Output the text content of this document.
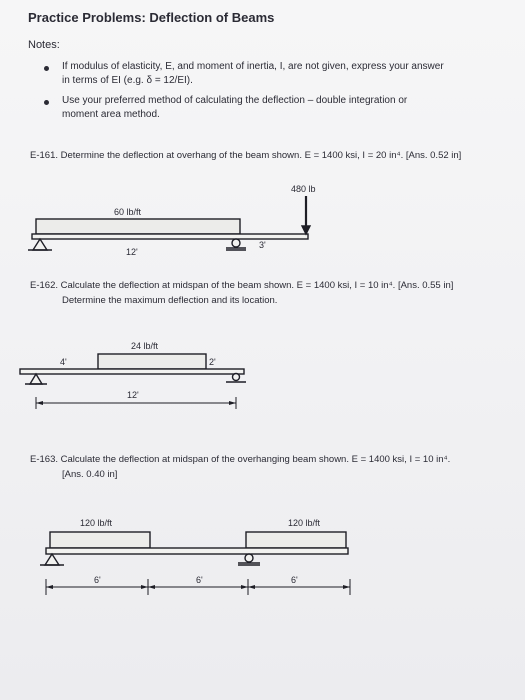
Practice Problems: Deflection of Beams
Notes:
If modulus of elasticity, E, and moment of inertia, I, are not given, express your answer
in terms of EI (e.g. δ = 12/EI).
Use your preferred method of calculating the deflection – double integration or
moment area method.
E-161. Determine the deflection at overhang of the beam shown. E = 1400 ksi, I = 20 in⁴. [Ans. 0.52 in]
E-162. Calculate the deflection at midspan of the beam shown. E = 1400 ksi, I = 10 in⁴. [Ans. 0.55 in]
Determine the maximum deflection and its location.
E-163. Calculate the deflection at midspan of the overhanging beam shown. E = 1400 ksi, I = 10 in⁴.
[Ans. 0.40 in]
480 lb
60 lb/ft
12'
3'
24 lb/ft
4'	2'
12'
120 lb/ft	120 lb/ft
6'	6'	6'
